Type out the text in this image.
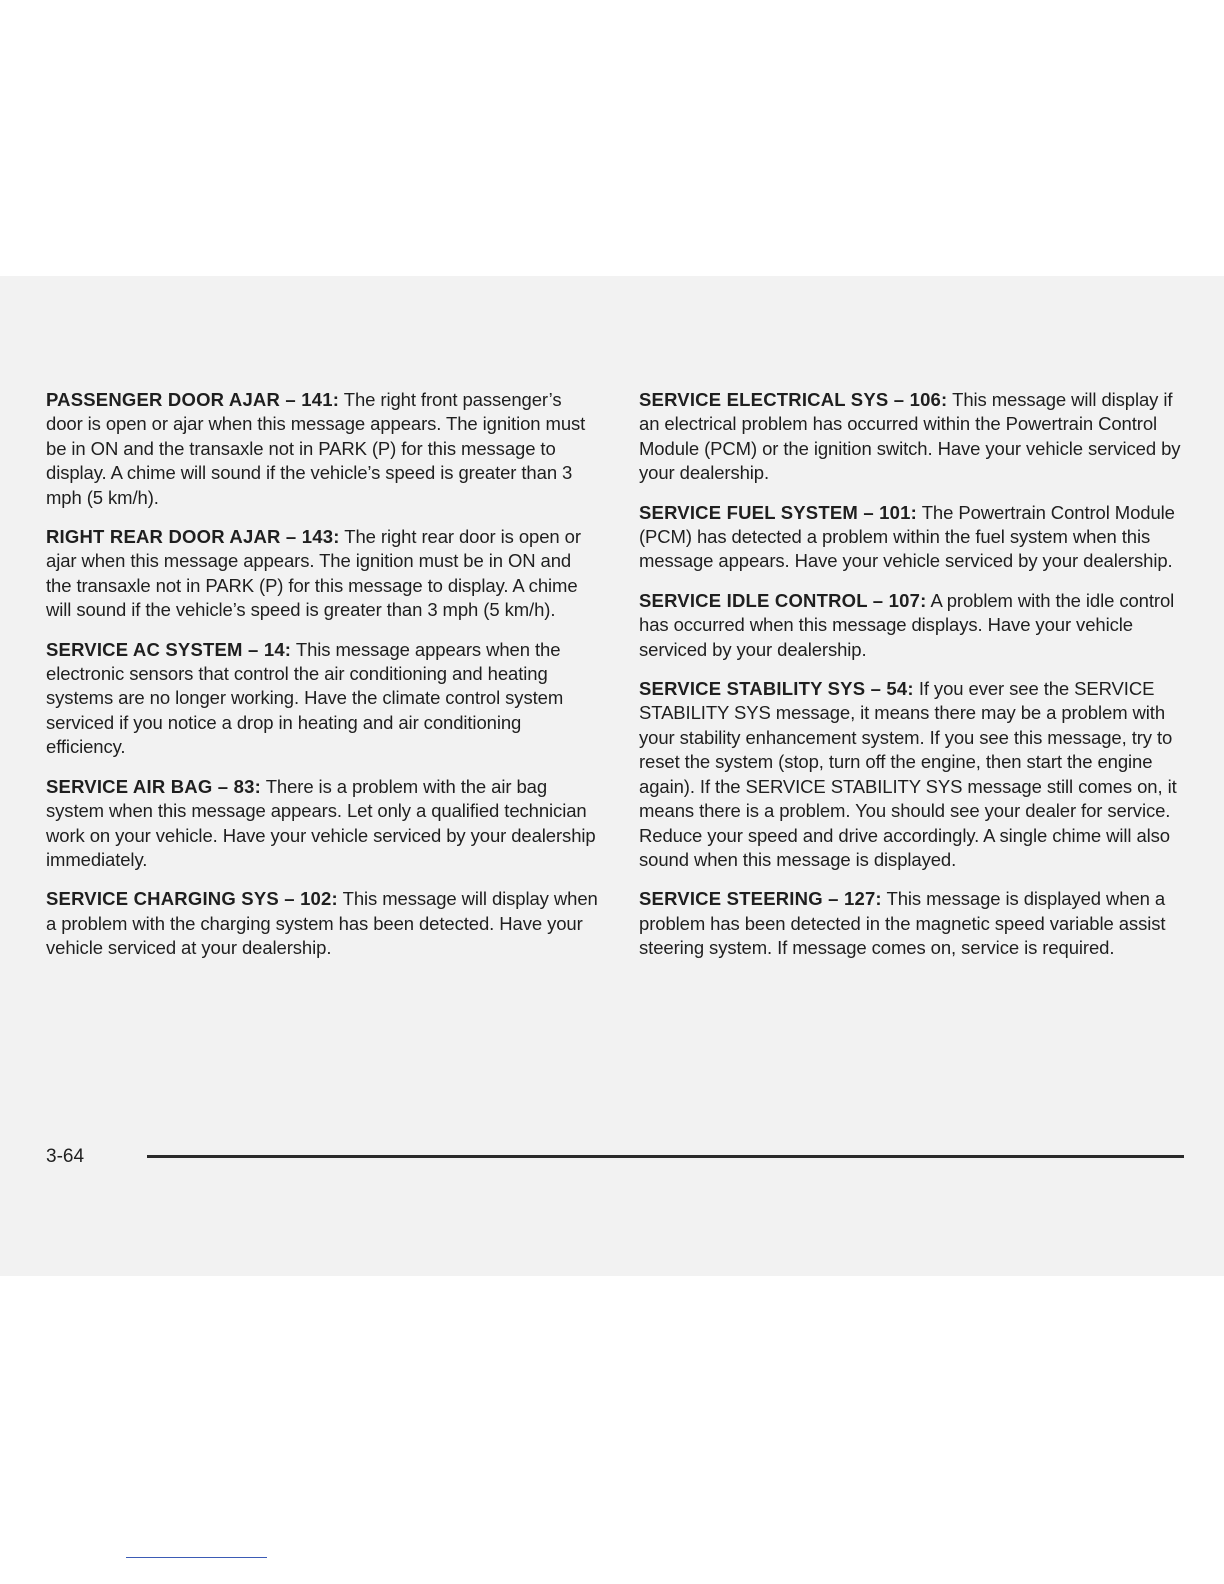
PASSENGER DOOR AJAR – 141: The right front passenger’s door is open or ajar when this message appears. The ignition must be in ON and the transaxle not in PARK (P) for this message to display. A chime will sound if the vehicle’s speed is greater than 3 mph (5 km/h).

RIGHT REAR DOOR AJAR – 143: The right rear door is open or ajar when this message appears. The ignition must be in ON and the transaxle not in PARK (P) for this message to display. A chime will sound if the vehicle’s speed is greater than 3 mph (5 km/h).

SERVICE AC SYSTEM – 14: This message appears when the electronic sensors that control the air conditioning and heating systems are no longer working. Have the climate control system serviced if you notice a drop in heating and air conditioning efficiency.

SERVICE AIR BAG – 83: There is a problem with the air bag system when this message appears. Let only a qualified technician work on your vehicle. Have your vehicle serviced by your dealership immediately.

SERVICE CHARGING SYS – 102: This message will display when a problem with the charging system has been detected. Have your vehicle serviced at your dealership.

SERVICE ELECTRICAL SYS – 106: This message will display if an electrical problem has occurred within the Powertrain Control Module (PCM) or the ignition switch. Have your vehicle serviced by your dealership.

SERVICE FUEL SYSTEM – 101: The Powertrain Control Module (PCM) has detected a problem within the fuel system when this message appears. Have your vehicle serviced by your dealership.

SERVICE IDLE CONTROL – 107: A problem with the idle control has occurred when this message displays. Have your vehicle serviced by your dealership.

SERVICE STABILITY SYS – 54: If you ever see the SERVICE STABILITY SYS message, it means there may be a problem with your stability enhancement system. If you see this message, try to reset the system (stop, turn off the engine, then start the engine again). If the SERVICE STABILITY SYS message still comes on, it means there is a problem. You should see your dealer for service. Reduce your speed and drive accordingly. A single chime will also sound when this message is displayed.

SERVICE STEERING – 127: This message is displayed when a problem has been detected in the magnetic speed variable assist steering system. If message comes on, service is required.

3-64
